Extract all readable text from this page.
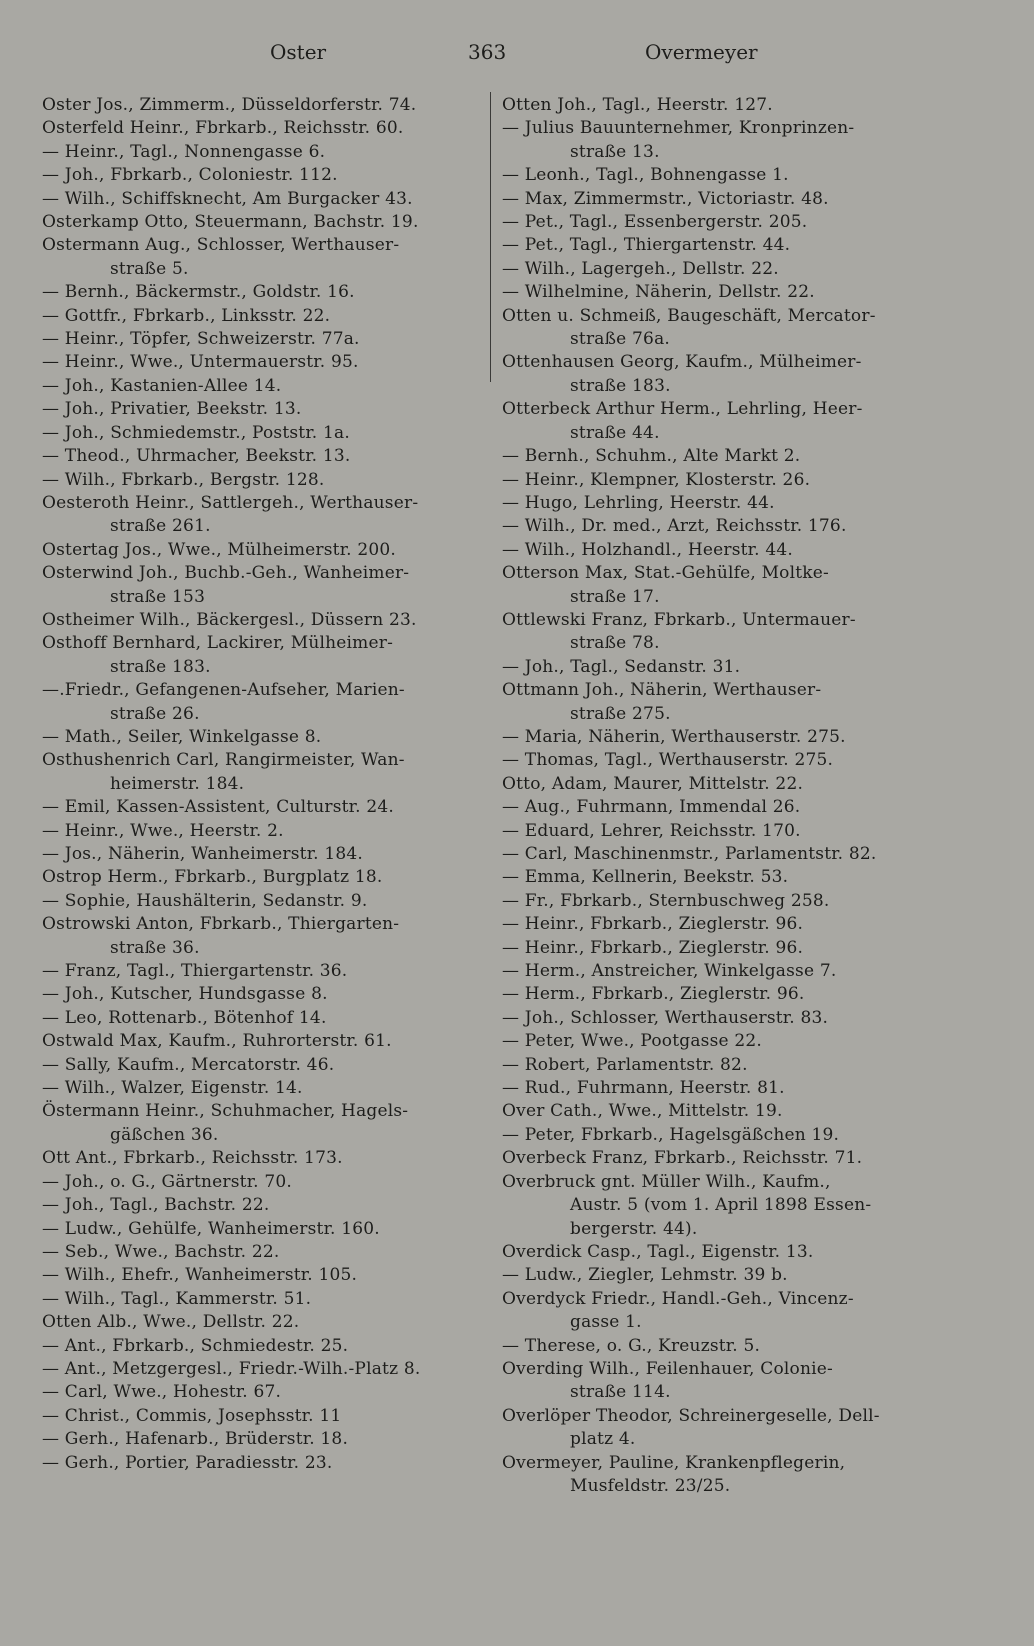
Oster	363	Overmeyer
Oster Jos., Zimmerm., Düsseldorferstr. 74.
Osterfeld Heinr., Fbrkarb., Reichsstr. 60.
— Heinr., Tagl., Nonnengasse 6.
— Joh., Fbrkarb., Coloniestr. 112.
— Wilh., Schiffsknecht, Am Burgacker 43.
Osterkamp Otto, Steuermann, Bachstr. 19.
Ostermann Aug., Schlosser, Werthauser-
straße 5.
— Bernh., Bäckermstr., Goldstr. 16.
— Gottfr., Fbrkarb., Linksstr. 22.
— Heinr., Töpfer, Schweizerstr. 77a.
— Heinr., Wwe., Untermauerstr. 95.
— Joh., Kastanien-Allee 14.
— Joh., Privatier, Beekstr. 13.
— Joh., Schmiedemstr., Poststr. 1a.
— Theod., Uhrmacher, Beekstr. 13.
— Wilh., Fbrkarb., Bergstr. 128.
Oesteroth Heinr., Sattlergeh., Werthauser-
straße 261.
Ostertag Jos., Wwe., Mülheimerstr. 200.
Osterwind Joh., Buchb.-Geh., Wanheimer-
straße 153
Ostheimer Wilh., Bäckergesl., Düssern 23.
Osthoff Bernhard, Lackirer, Mülheimer-
straße 183.
—.Friedr., Gefangenen-Aufseher, Marien-
straße 26.
— Math., Seiler, Winkelgasse 8.
Osthushenrich Carl, Rangirmeister, Wan-
heimerstr. 184.
— Emil, Kassen-Assistent, Culturstr. 24.
— Heinr., Wwe., Heerstr. 2.
— Jos., Näherin, Wanheimerstr. 184.
Ostrop Herm., Fbrkarb., Burgplatz 18.
— Sophie, Haushälterin, Sedanstr. 9.
Ostrowski Anton, Fbrkarb., Thiergarten-
straße 36.
— Franz, Tagl., Thiergartenstr. 36.
— Joh., Kutscher, Hundsgasse 8.
— Leo, Rottenarb., Bötenhof 14.
Ostwald Max, Kaufm., Ruhrorterstr. 61.
— Sally, Kaufm., Mercatorstr. 46.
— Wilh., Walzer, Eigenstr. 14.
Östermann Heinr., Schuhmacher, Hagels-
gäßchen 36.
Ott Ant., Fbrkarb., Reichsstr. 173.
— Joh., o. G., Gärtnerstr. 70.
— Joh., Tagl., Bachstr. 22.
— Ludw., Gehülfe, Wanheimerstr. 160.
— Seb., Wwe., Bachstr. 22.
— Wilh., Ehefr., Wanheimerstr. 105.
— Wilh., Tagl., Kammerstr. 51.
Otten Alb., Wwe., Dellstr. 22.
— Ant., Fbrkarb., Schmiedestr. 25.
— Ant., Metzgergesl., Friedr.-Wilh.-Platz 8.
— Carl, Wwe., Hohestr. 67.
— Christ., Commis, Josephsstr. 11
— Gerh., Hafenarb., Brüderstr. 18.
— Gerh., Portier, Paradiesstr. 23.
Otten Joh., Tagl., Heerstr. 127.
— Julius Bauunternehmer, Kronprinzen-
straße 13.
— Leonh., Tagl., Bohnengasse 1.
— Max, Zimmermstr., Victoriastr. 48.
— Pet., Tagl., Essenbergerstr. 205.
— Pet., Tagl., Thiergartenstr. 44.
— Wilh., Lagergeh., Dellstr. 22.
— Wilhelmine, Näherin, Dellstr. 22.
Otten u. Schmeiß, Baugeschäft, Mercator-
straße 76a.
Ottenhausen Georg, Kaufm., Mülheimer-
straße 183.
Otterbeck Arthur Herm., Lehrling, Heer-
straße 44.
— Bernh., Schuhm., Alte Markt 2.
— Heinr., Klempner, Klosterstr. 26.
— Hugo, Lehrling, Heerstr. 44.
— Wilh., Dr. med., Arzt, Reichsstr. 176.
— Wilh., Holzhandl., Heerstr. 44.
Otterson Max, Stat.-Gehülfe, Moltke-
straße 17.
Ottlewski Franz, Fbrkarb., Untermauer-
straße 78.
— Joh., Tagl., Sedanstr. 31.
Ottmann Joh., Näherin, Werthauser-
straße 275.
— Maria, Näherin, Werthauserstr. 275.
— Thomas, Tagl., Werthauserstr. 275.
Otto, Adam, Maurer, Mittelstr. 22.
— Aug., Fuhrmann, Immendal 26.
— Eduard, Lehrer, Reichsstr. 170.
— Carl, Maschinenmstr., Parlamentstr. 82.
— Emma, Kellnerin, Beekstr. 53.
— Fr., Fbrkarb., Sternbuschweg 258.
— Heinr., Fbrkarb., Zieglerstr. 96.
— Heinr., Fbrkarb., Zieglerstr. 96.
— Herm., Anstreicher, Winkelgasse 7.
— Herm., Fbrkarb., Zieglerstr. 96.
— Joh., Schlosser, Werthauserstr. 83.
— Peter, Wwe., Pootgasse 22.
— Robert, Parlamentstr. 82.
— Rud., Fuhrmann, Heerstr. 81.
Over Cath., Wwe., Mittelstr. 19.
— Peter, Fbrkarb., Hagelsgäßchen 19.
Overbeck Franz, Fbrkarb., Reichsstr. 71.
Overbruck gnt. Müller Wilh., Kaufm.,
Austr. 5 (vom 1. April 1898 Essen-
bergerstr. 44).
Overdick Casp., Tagl., Eigenstr. 13.
— Ludw., Ziegler, Lehmstr. 39 b.
Overdyck Friedr., Handl.-Geh., Vincenz-
gasse 1.
— Therese, o. G., Kreuzstr. 5.
Overding Wilh., Feilenhauer, Colonie-
straße 114.
Overlöper Theodor, Schreinergeselle, Dell-
platz 4.
Overmeyer, Pauline, Krankenpflegerin,
Musfeldstr. 23/25.
